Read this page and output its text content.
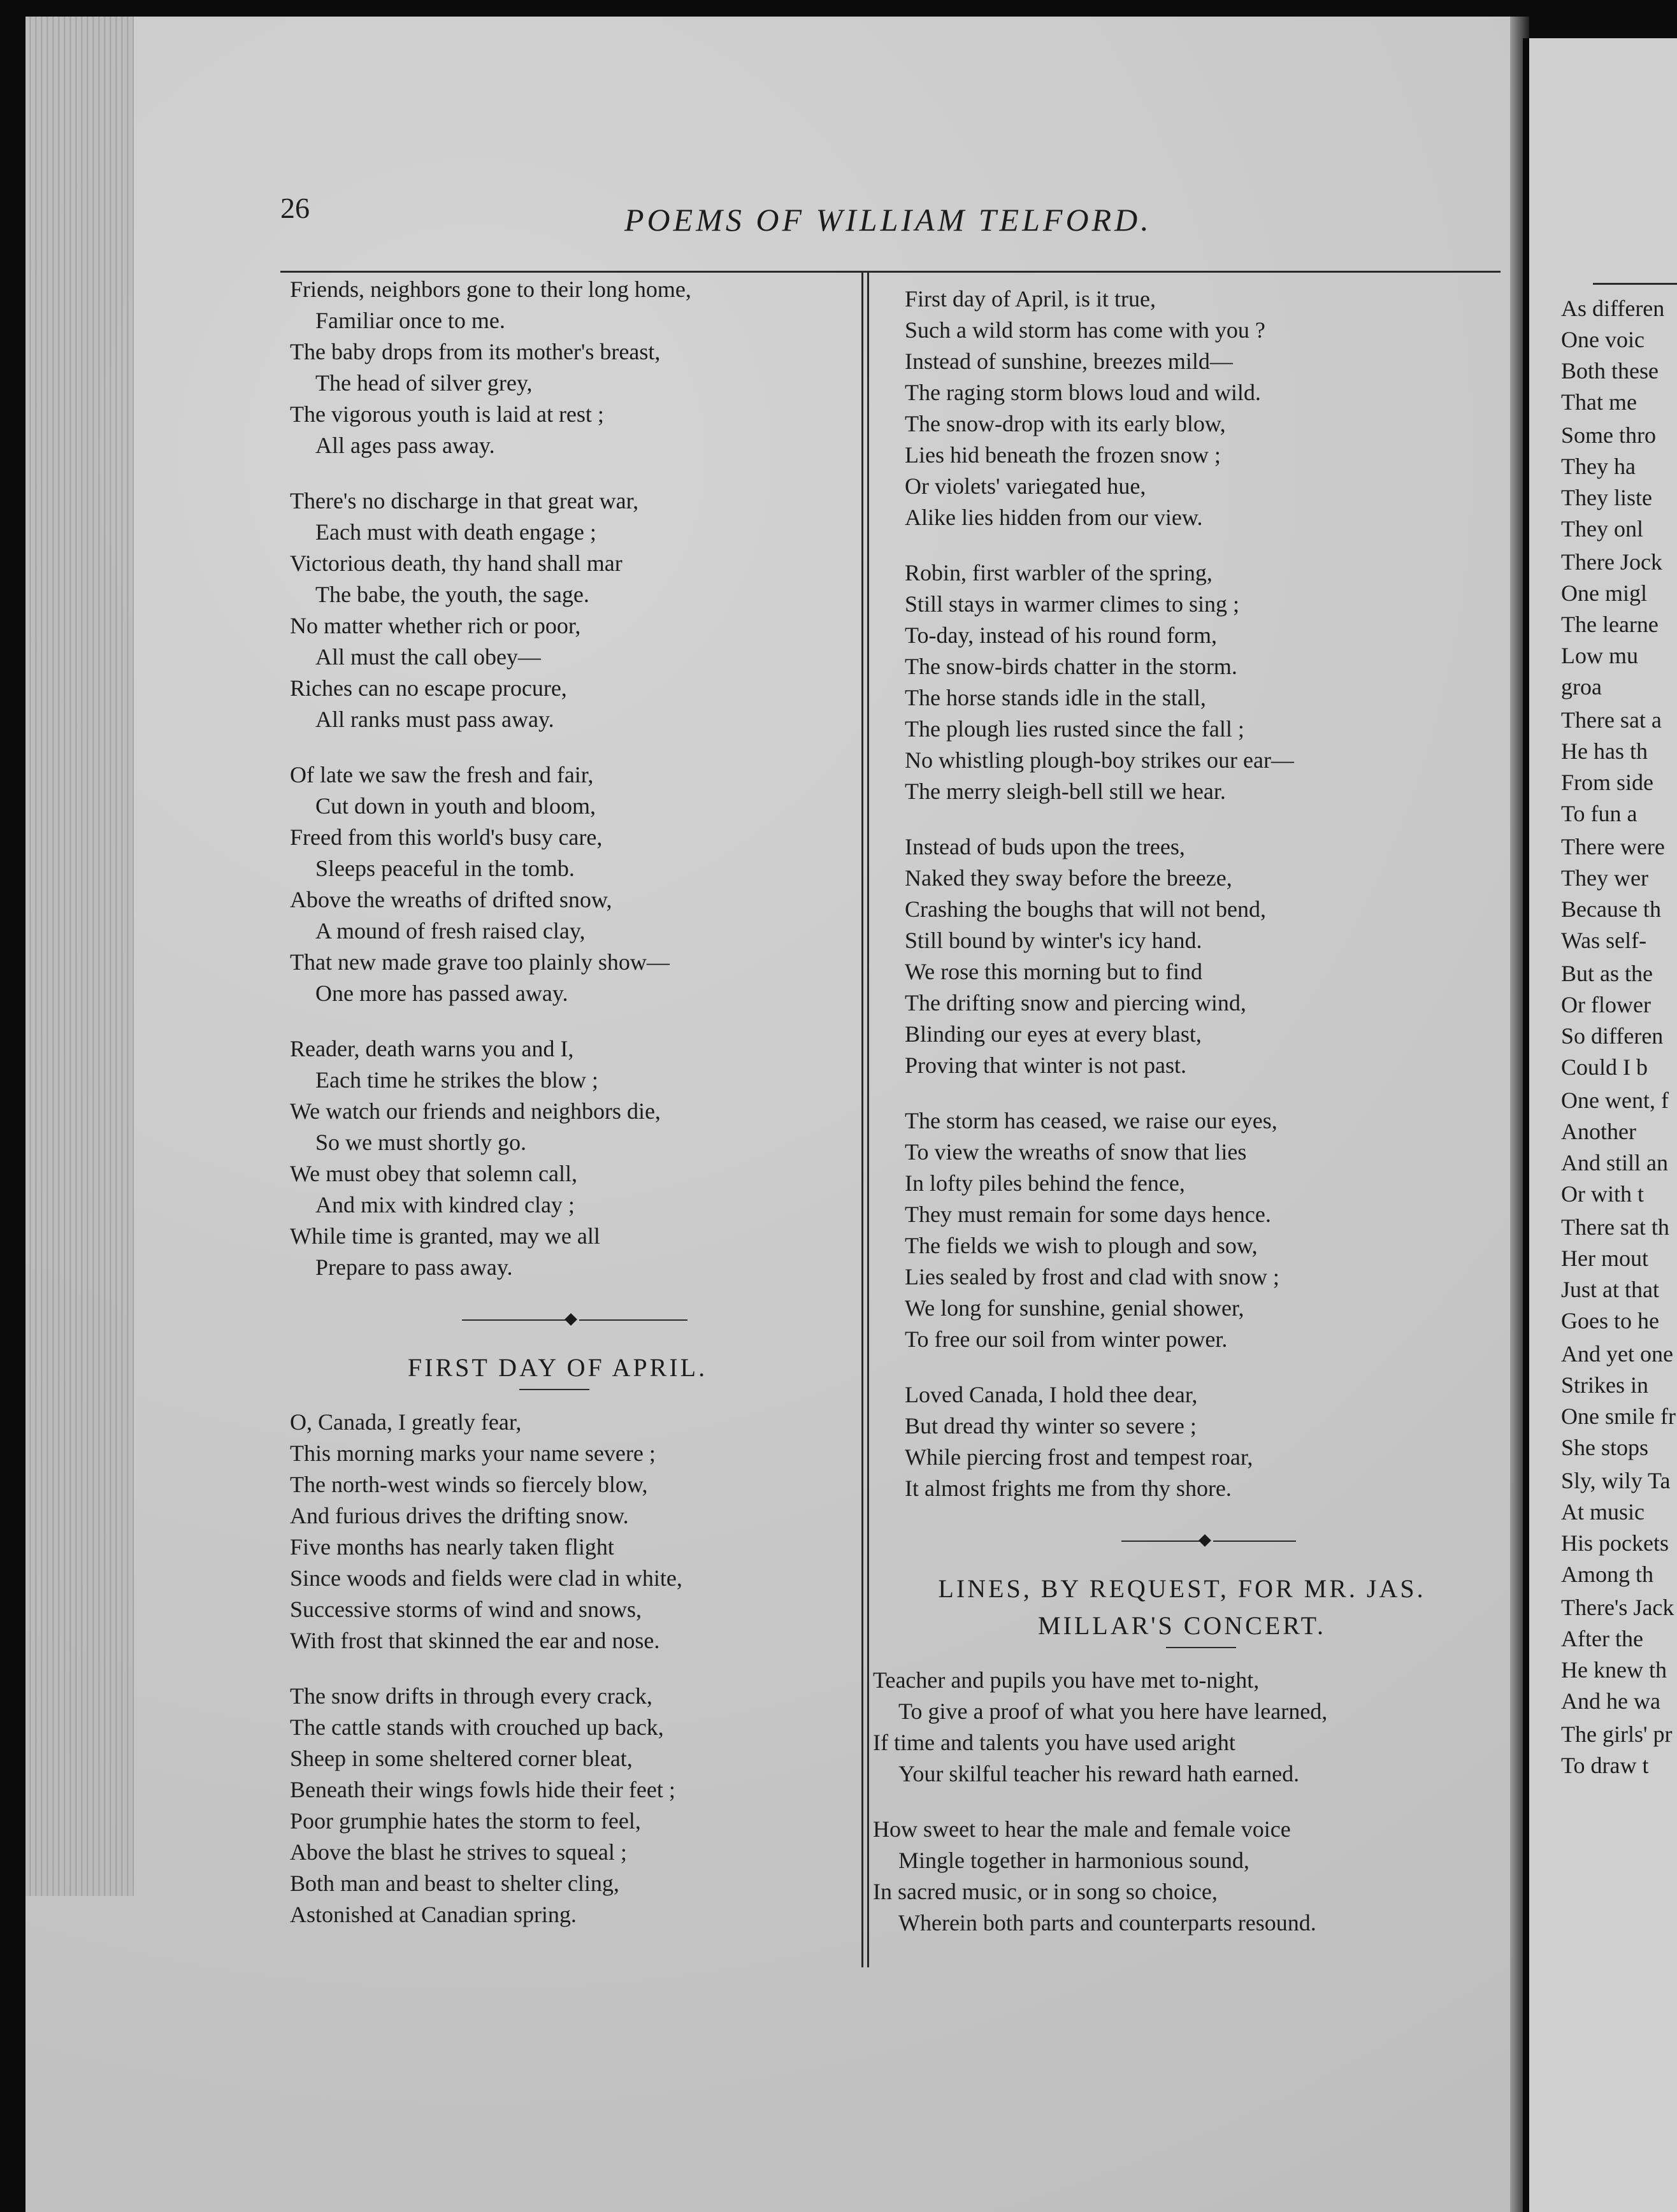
26	POEMS OF WILLIAM TELFORD.
Friends, neighbors gone to their long home,
Familiar once to me.
The baby drops from its mother's breast,
The head of silver grey,
The vigorous youth is laid at rest ;
All ages pass away.
There's no discharge in that great war,
Each must with death engage ;
Victorious death, thy hand shall mar
The babe, the youth, the sage.
No matter whether rich or poor,
All must the call obey—
Riches can no escape procure,
All ranks must pass away.
Of late we saw the fresh and fair,
Cut down in youth and bloom,
Freed from this world's busy care,
Sleeps peaceful in the tomb.
Above the wreaths of drifted snow,
A mound of fresh raised clay,
That new made grave too plainly show—
One more has passed away.
Reader, death warns you and I,
Each time he strikes the blow ;
We watch our friends and neighbors die,
So we must shortly go.
We must obey that solemn call,
And mix with kindred clay ;
While time is granted, may we all
Prepare to pass away.
FIRST DAY OF APRIL.
O, Canada, I greatly fear,
This morning marks your name severe ;
The north-west winds so fiercely blow,
And furious drives the drifting snow.
Five months has nearly taken flight
Since woods and fields were clad in white,
Successive storms of wind and snows,
With frost that skinned the ear and nose.
The snow drifts in through every crack,
The cattle stands with crouched up back,
Sheep in some sheltered corner bleat,
Beneath their wings fowls hide their feet ;
Poor grumphie hates the storm to feel,
Above the blast he strives to squeal ;
Both man and beast to shelter cling,
Astonished at Canadian spring.
First day of April, is it true,
Such a wild storm has come with you ?
Instead of sunshine, breezes mild—
The raging storm blows loud and wild.
The snow-drop with its early blow,
Lies hid beneath the frozen snow ;
Or violets' variegated hue,
Alike lies hidden from our view.
Robin, first warbler of the spring,
Still stays in warmer climes to sing ;
To-day, instead of his round form,
The snow-birds chatter in the storm.
The horse stands idle in the stall,
The plough lies rusted since the fall ;
No whistling plough-boy strikes our ear—
The merry sleigh-bell still we hear.
Instead of buds upon the trees,
Naked they sway before the breeze,
Crashing the boughs that will not bend,
Still bound by winter's icy hand.
We rose this morning but to find
The drifting snow and piercing wind,
Blinding our eyes at every blast,
Proving that winter is not past.
The storm has ceased, we raise our eyes,
To view the wreaths of snow that lies
In lofty piles behind the fence,
They must remain for some days hence.
The fields we wish to plough and sow,
Lies sealed by frost and clad with snow ;
We long for sunshine, genial shower,
To free our soil from winter power.
Loved Canada, I hold thee dear,
But dread thy winter so severe ;
While piercing frost and tempest roar,
It almost frights me from thy shore.
LINES, BY REQUEST, FOR MR. JAS.
MILLAR'S CONCERT.
Teacher and pupils you have met to-night,
To give a proof of what you here have learned,
If time and talents you have used aright
Your skilful teacher his reward hath earned.
How sweet to hear the male and female voice
Mingle together in harmonious sound,
In sacred music, or in song so choice,
Wherein both parts and counterparts resound.
As differen
One voic
Both these
That me

Some thro
They ha
They liste
They onl

There Jock
One migl
The learne
Low mu
groa

There sat a
He has th
From side
To fun a

There were
They wer
Because th
Was self-

But as the
Or flower
So differen
Could I b

One went, f
Another
And still an
Or with t

There sat th
Her mout
Just at that
Goes to he

And yet one
Strikes in
One smile fr
She stops

Sly, wily Ta
At music
His pockets
Among th

There's Jack
After the
He knew th
And he wa

The girls' pr
To draw t
